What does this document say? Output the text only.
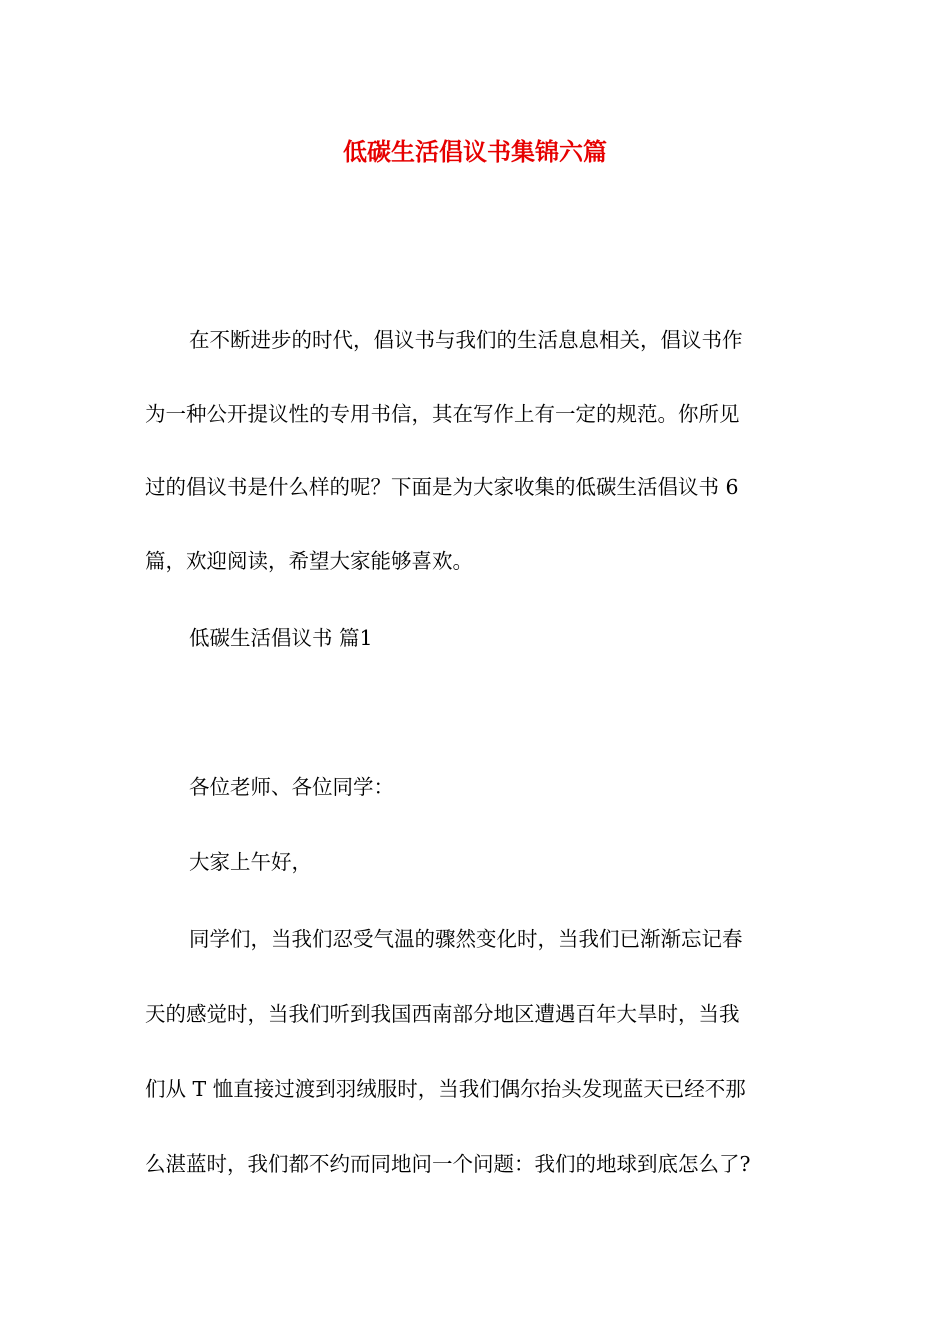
低碳生活倡议书集锦六篇

在不断进步的时代，倡议书与我们的生活息息相关，倡议书作

为一种公开提议性的专用书信，其在写作上有一定的规范。你所见

过的倡议书是什么样的呢？下面是为大家收集的低碳生活倡议书 6

篇，欢迎阅读，希望大家能够喜欢。

低碳生活倡议书 篇1

各位老师、各位同学：

大家上午好，

同学们，当我们忍受气温的骤然变化时，当我们已渐渐忘记春

天的感觉时，当我们听到我国西南部分地区遭遇百年大旱时，当我

们从 T 恤直接过渡到羽绒服时，当我们偶尔抬头发现蓝天已经不那

么湛蓝时，我们都不约而同地问一个问题：我们的地球到底怎么了?
